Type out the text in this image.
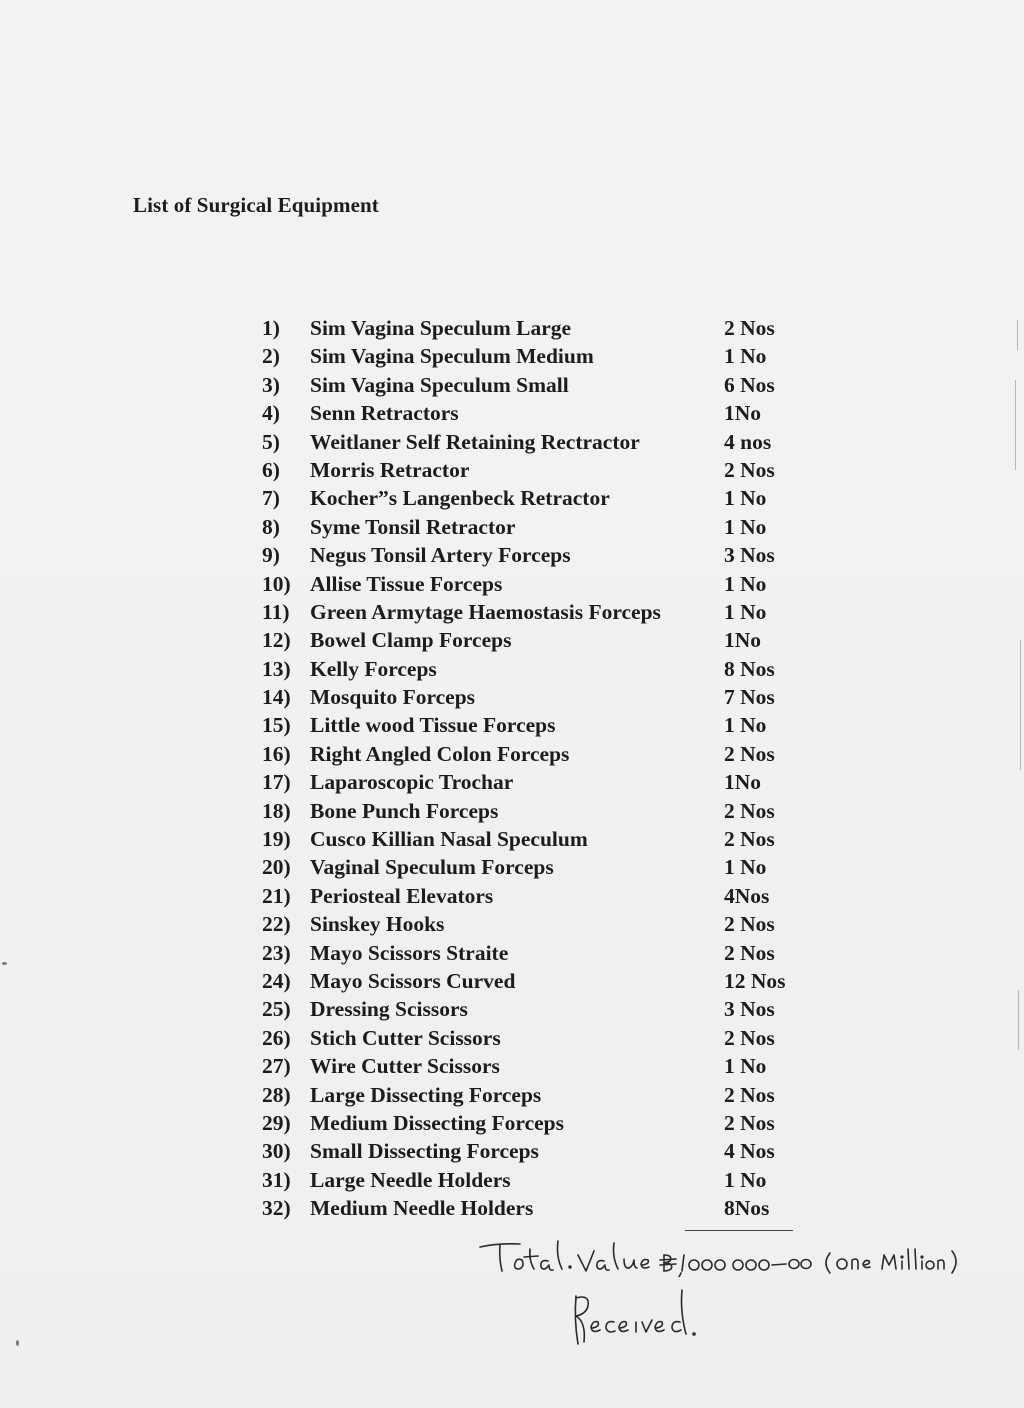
List of Surgical Equipment
1) Sim Vagina Speculum Large	2 Nos
2) Sim Vagina Speculum Medium	1 No
3) Sim Vagina Speculum Small	6 Nos
4) Senn Retractors	1No
5) Weitlaner Self Retaining Rectractor	4 nos
6) Morris Retractor	2 Nos
7) Kocher”s Langenbeck Retractor	1 No
8) Syme Tonsil Retractor	1 No
9) Negus Tonsil Artery Forceps	3 Nos
10) Allise Tissue Forceps	1 No
11) Green Armytage Haemostasis Forceps	1 No
12) Bowel Clamp Forceps	1No
13) Kelly Forceps	8 Nos
14) Mosquito Forceps	7 Nos
15) Little wood Tissue Forceps	1 No
16) Right Angled Colon Forceps	2 Nos
17) Laparoscopic Trochar	1No
18) Bone Punch Forceps	2 Nos
19) Cusco Killian Nasal Speculum	2 Nos
20) Vaginal Speculum Forceps	1 No
21) Periosteal Elevators	4Nos
22) Sinskey Hooks	2 Nos
23) Mayo Scissors Straite	2 Nos
24) Mayo Scissors Curved	12 Nos
25) Dressing Scissors	3 Nos
26) Stich Cutter Scissors	2 Nos
27) Wire Cutter Scissors	1 No
28) Large Dissecting Forceps	2 Nos
29) Medium Dissecting Forceps	2 Nos
30) Small Dissecting Forceps	4 Nos
31) Large Needle Holders	1 No
32) Medium Needle Holders	8Nos
